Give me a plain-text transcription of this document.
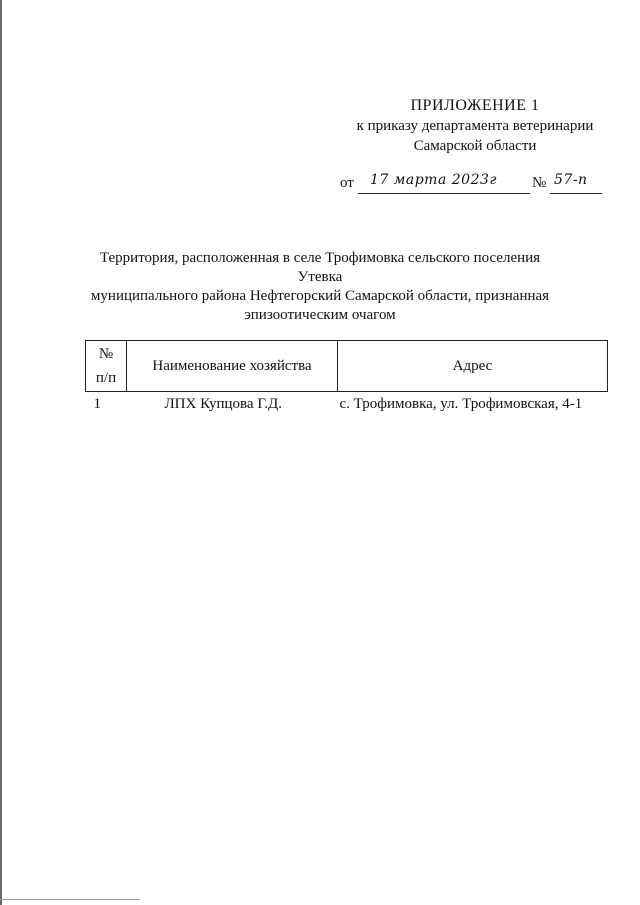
ПРИЛОЖЕНИЕ 1
к приказу департамента ветеринарии
Самарской области
от 17 марта 2023г № 57-п
Территория, расположенная в селе Трофимовка сельского поселения Утевка
муниципального района Нефтегорский Самарской области, признанная
эпизоотическим очагом
№
п/п	Наименование хозяйства	Адрес
1	ЛПХ Купцова Г.Д.	с. Трофимовка, ул. Трофимовская, 4-1
